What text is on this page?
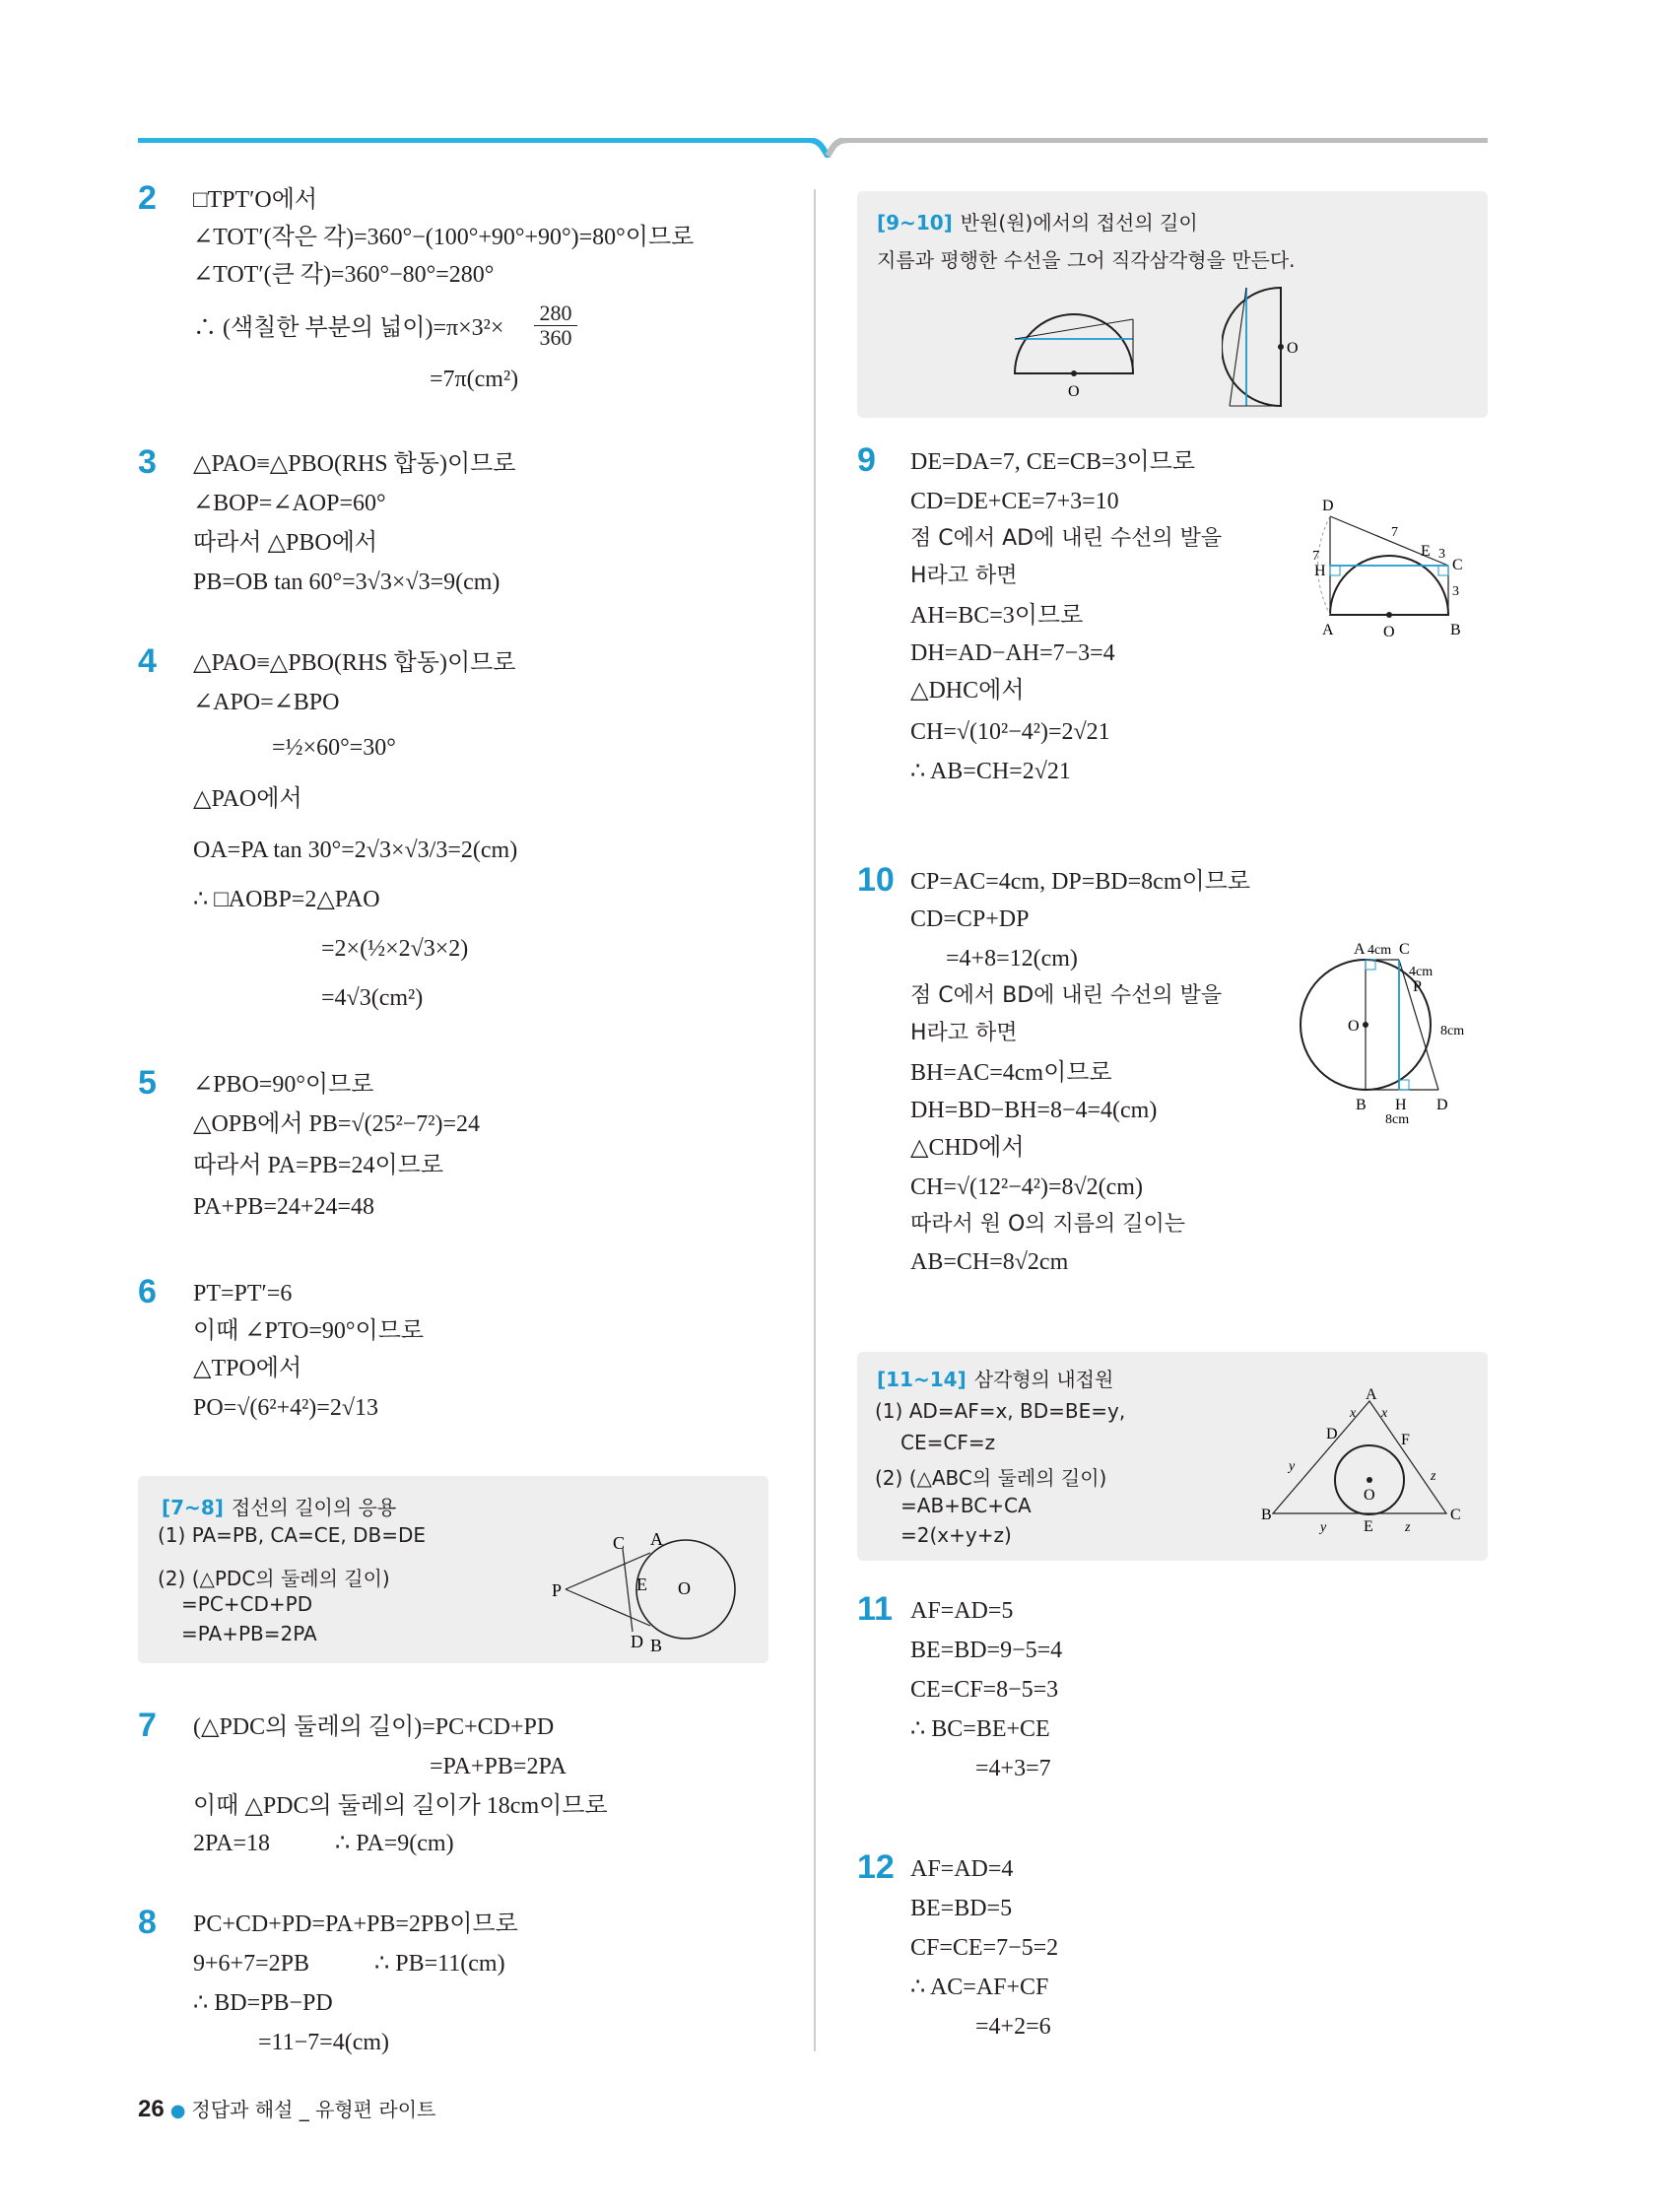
2 □TPT′O에서
∠TOT′(작은 각)=360°−(100°+90°+90°)=80°이므로
∠TOT′(큰 각)=360°−80°=280°
∴ (색칠한 부분의 넓이)$=\pi\times 3^2\times \frac{280}{360}$
=7π(cm²)
3 △PAO≡△PBO(RHS 합동)이므로
∠BOP=∠AOP=60°
따라서 △PBO에서
PB=OB tan 60°=3√3×√3=9(cm)
4 △PAO≡△PBO(RHS 합동)이므로
∠APO=∠BPO
=½×60°=30°
△PAO에서
OA=PA tan 30°=2√3×√3/3=2(cm)
∴ □AOBP=2△PAO
=2×(½×2√3×2)
=4√3(cm²)
5 ∠PBO=90°이므로
△OPB에서 PB=√(25²−7²)=24
따라서 PA=PB=24이므로
PA+PB=24+24=48
6 PT=PT′=6
이때 ∠PTO=90°이므로
△TPO에서
PO=√(6²+4²)=2√13
[7~8] 접선의 길이의 응용
(1) PA=PB, CA=CE, DB=DE
(2) (△PDC의 둘레의 길이)
=PC+CD+PD
=PA+PB=2PA
P
A
C
E O
D B
7 (△PDC의 둘레의 길이)=PC+CD+PD
=PA+PB=2PA
이때 △PDC의 둘레의 길이가 18cm이므로
2PA=18	∴ PA=9(cm)
8 PC+CD+PD=PA+PB=2PB이므로
9+6+7=2PB	∴ PB=11(cm)
∴ BD=PB−PD
=11−7=4(cm)
[9~10] 반원(원)에서의 접선의 길이
지름과 평행한 수선을 그어 직각삼각형을 만든다.
O
O
9 DE=DA=7, CE=CB=3이므로
CD=DE+CE=7+3=10
점 C에서 AD에 내린 수선의 발을
H라고 하면
AH=BC=3이므로
DH=AD−AH=7−3=4
△DHC에서
CH=√(10²−4²)=2√21
∴ AB=CH=2√21
D
7
E 3
C
7
H
3
A	O	B
10 CP=AC=4cm, DP=BD=8cm이므로
CD=CP+DP
=4+8=12(cm)
점 C에서 BD에 내린 수선의 발을
H라고 하면
BH=AC=4cm이므로
DH=BD−BH=8−4=4(cm)
△CHD에서
CH=√(12²−4²)=8√2(cm)
따라서 원 O의 지름의 길이는
AB=CH=8√2cm
A 4cm C
4cm
P
O	8cm
B H D
8cm
[11~14] 삼각형의 내접원
(1) AD=AF=x, BD=BE=y,
CE=CF=z
(2) (△ABC의 둘레의 길이)
=AB+BC+CA
=2(x+y+z)
A
x x
D	F
y
z
O
B
y E z
C
11 AF=AD=5
BE=BD=9−5=4
CE=CF=8−5=3
∴ BC=BE+CE
=4+3=7
12 AF=AD=4
BE=BD=5
CF=CE=7−5=2
∴ AC=AF+CF
=4+2=6
26 ● 정답과 해설 _ 유형편 라이트
